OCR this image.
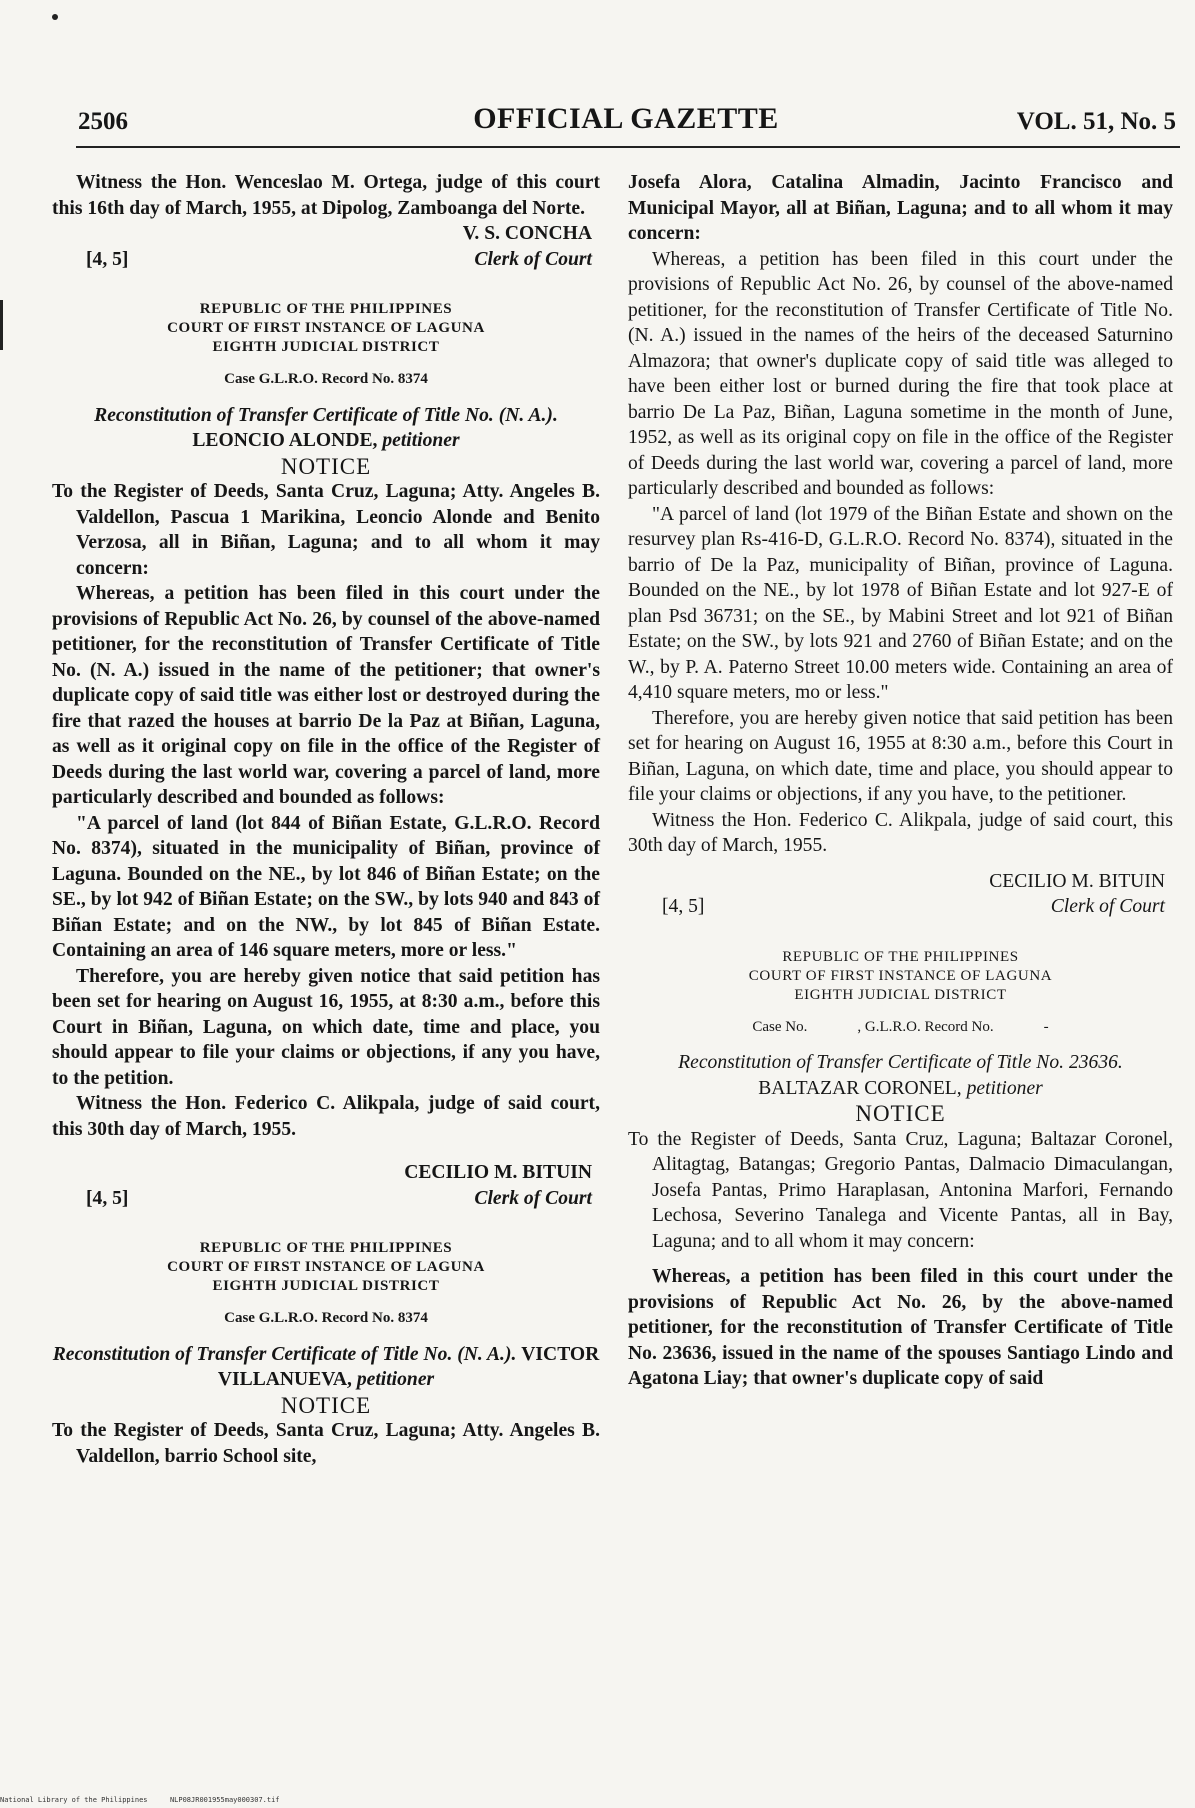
2506	OFFICIAL GAZETTE	VOL. 51, No. 5

Witness the Hon. Wenceslao M. Ortega, judge of this court this 16th day of March, 1955, at Dipolog, Zamboanga del Norte.

[4, 5]
V. S. CONCHA
Clerk of Court

REPUBLIC OF THE PHILIPPINES

COURT OF FIRST INSTANCE OF LAGUNA

EIGHTH JUDICIAL DISTRICT

Case G.L.R.O. Record No. 8374

Reconstitution of Transfer Certificate of Title No. (N. A.). LEONCIO ALONDE, petitioner

NOTICE

To the Register of Deeds, Santa Cruz, Laguna; Atty. Angeles B. Valdellon, Pascua 1 Marikina, Leoncio Alonde and Benito Verzosa, all in Biñan, Laguna; and to all whom it may concern:

Whereas, a petition has been filed in this court under the provisions of Republic Act No. 26, by counsel of the above-named petitioner, for the reconstitution of Transfer Certificate of Title No. (N. A.) issued in the name of the petitioner; that owner's duplicate copy of said title was either lost or destroyed during the fire that razed the houses at barrio De la Paz at Biñan, Laguna, as well as it original copy on file in the office of the Register of Deeds during the last world war, covering a parcel of land, more particularly described and bounded as follows:

"A parcel of land (lot 844 of Biñan Estate, G.L.R.O. Record No. 8374), situated in the municipality of Biñan, province of Laguna. Bounded on the NE., by lot 846 of Biñan Estate; on the SE., by lot 942 of Biñan Estate; on the SW., by lots 940 and 843 of Biñan Estate; and on the NW., by lot 845 of Biñan Estate. Containing an area of 146 square meters, more or less."

Therefore, you are hereby given notice that said petition has been set for hearing on August 16, 1955, at 8:30 a.m., before this Court in Biñan, Laguna, on which date, time and place, you should appear to file your claims or objections, if any you have, to the petition.

Witness the Hon. Federico C. Alikpala, judge of said court, this 30th day of March, 1955.

[4, 5]
CECILIO M. BITUIN
Clerk of Court

REPUBLIC OF THE PHILIPPINES

COURT OF FIRST INSTANCE OF LAGUNA

EIGHTH JUDICIAL DISTRICT

Case G.L.R.O. Record No. 8374

Reconstitution of Transfer Certificate of Title No. (N. A.). VICTOR VILLANUEVA, petitioner

NOTICE

To the Register of Deeds, Santa Cruz, Laguna; Atty. Angeles B. Valdellon, barrio School site,

Josefa Alora, Catalina Almadin, Jacinto Francisco and Municipal Mayor, all at Biñan, Laguna; and to all whom it may concern:

Whereas, a petition has been filed in this court under the provisions of Republic Act No. 26, by counsel of the above-named petitioner, for the reconstitution of Transfer Certificate of Title No. (N. A.) issued in the names of the heirs of the deceased Saturnino Almazora; that owner's duplicate copy of said title was alleged to have been either lost or burned during the fire that took place at barrio De La Paz, Biñan, Laguna sometime in the month of June, 1952, as well as its original copy on file in the office of the Register of Deeds during the last world war, covering a parcel of land, more particularly described and bounded as follows:

"A parcel of land (lot 1979 of the Biñan Estate and shown on the resurvey plan Rs-416-D, G.L.R.O. Record No. 8374), situated in the barrio of De la Paz, municipality of Biñan, province of Laguna. Bounded on the NE., by lot 1978 of Biñan Estate and lot 927-E of plan Psd 36731; on the SE., by Mabini Street and lot 921 of Biñan Estate; on the SW., by lots 921 and 2760 of Biñan Estate; and on the W., by P. A. Paterno Street 10.00 meters wide. Containing an area of 4,410 square meters, mo or less."

Therefore, you are hereby given notice that said petition has been set for hearing on August 16, 1955 at 8:30 a.m., before this Court in Biñan, Laguna, on which date, time and place, you should appear to file your claims or objections, if any you have, to the petitioner.

Witness the Hon. Federico C. Alikpala, judge of said court, this 30th day of March, 1955.

[4, 5]
CECILIO M. BITUIN
Clerk of Court

REPUBLIC OF THE PHILIPPINES

COURT OF FIRST INSTANCE OF LAGUNA

EIGHTH JUDICIAL DISTRICT

Case No.	, G.L.R.O. Record No.	-

Reconstitution of Transfer Certificate of Title No. 23636. BALTAZAR CORONEL, petitioner

NOTICE

To the Register of Deeds, Santa Cruz, Laguna; Baltazar Coronel, Alitagtag, Batangas; Gregorio Pantas, Dalmacio Dimaculangan, Josefa Pantas, Primo Haraplasan, Antonina Marfori, Fernando Lechosa, Severino Tanalega and Vicente Pantas, all in Bay, Laguna; and to all whom it may concern:

Whereas, a petition has been filed in this court under the provisions of Republic Act No. 26, by the above-named petitioner, for the reconstitution of Transfer Certificate of Title No. 23636, issued in the name of the spouses Santiago Lindo and Agatona Liay; that owner's duplicate copy of said

National Library of the Philippines	NLP08JR001955may000307.tif
